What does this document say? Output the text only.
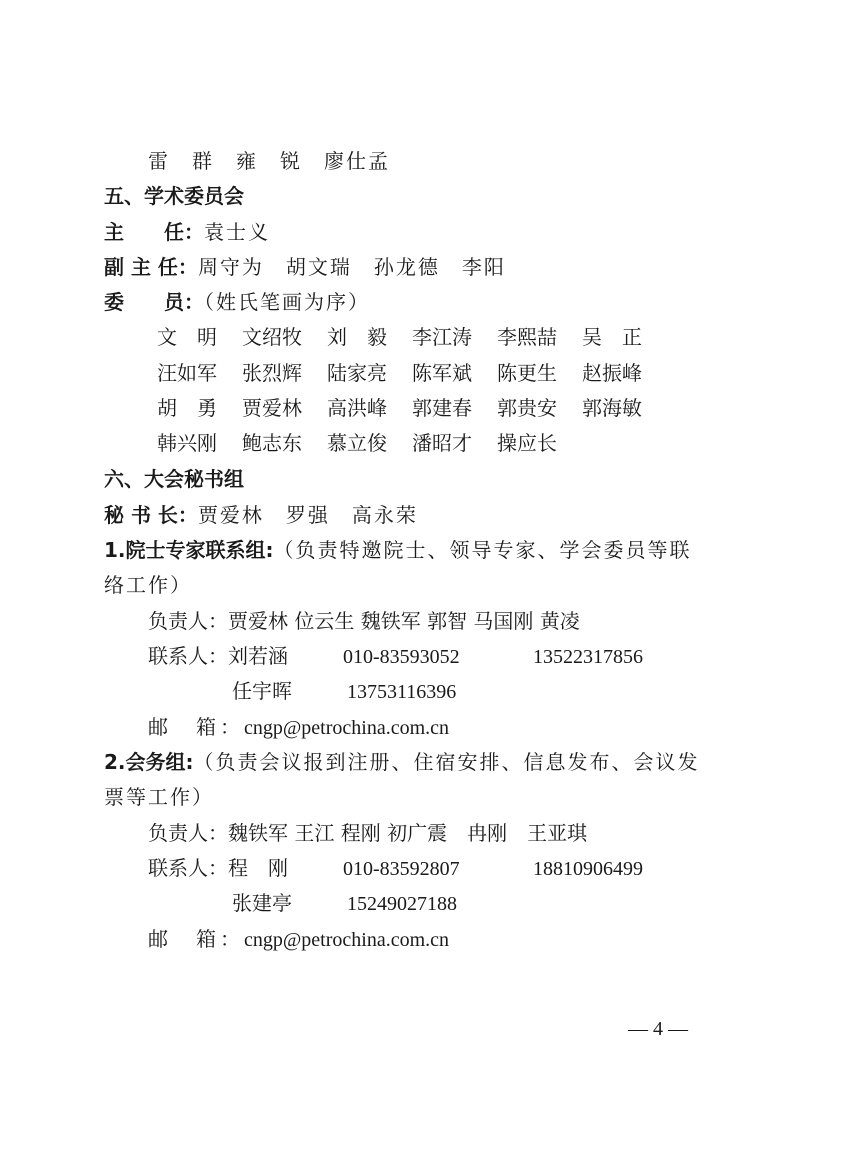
雷　群　雍　锐　廖仕孟
五、学术委员会
主　　任：袁士义
副 主 任：周守为　胡文瑞　孙龙德　李阳
委　　员：（姓氏笔画为序）
文　明 文绍牧 刘　毅 李江涛 李熙喆 吴　正
汪如军 张烈辉 陆家亮 陈军斌 陈更生 赵振峰
胡　勇 贾爱林 高洪峰 郭建春 郭贵安 郭海敏
韩兴刚 鲍志东 慕立俊 潘昭才 操应长
六、大会秘书组
秘 书 长：贾爱林　罗强　高永荣
1.院士专家联系组:（负责特邀院士、领导专家、学会委员等联
络工作）
负责人：贾爱林 位云生 魏铁军 郭智 马国刚 黄凌
联系人：刘若涵	010-83593052	13522317856
任宇晖	13753116396
邮　箱：cngp@petrochina.com.cn
2.会务组:（负责会议报到注册、住宿安排、信息发布、会议发
票等工作）
负责人：魏铁军 王江 程刚 初广震　冉刚　王亚琪
联系人：程　刚	010-83592807	18810906499
张建亭	15249027188
邮　箱：cngp@petrochina.com.cn
— 4 —
